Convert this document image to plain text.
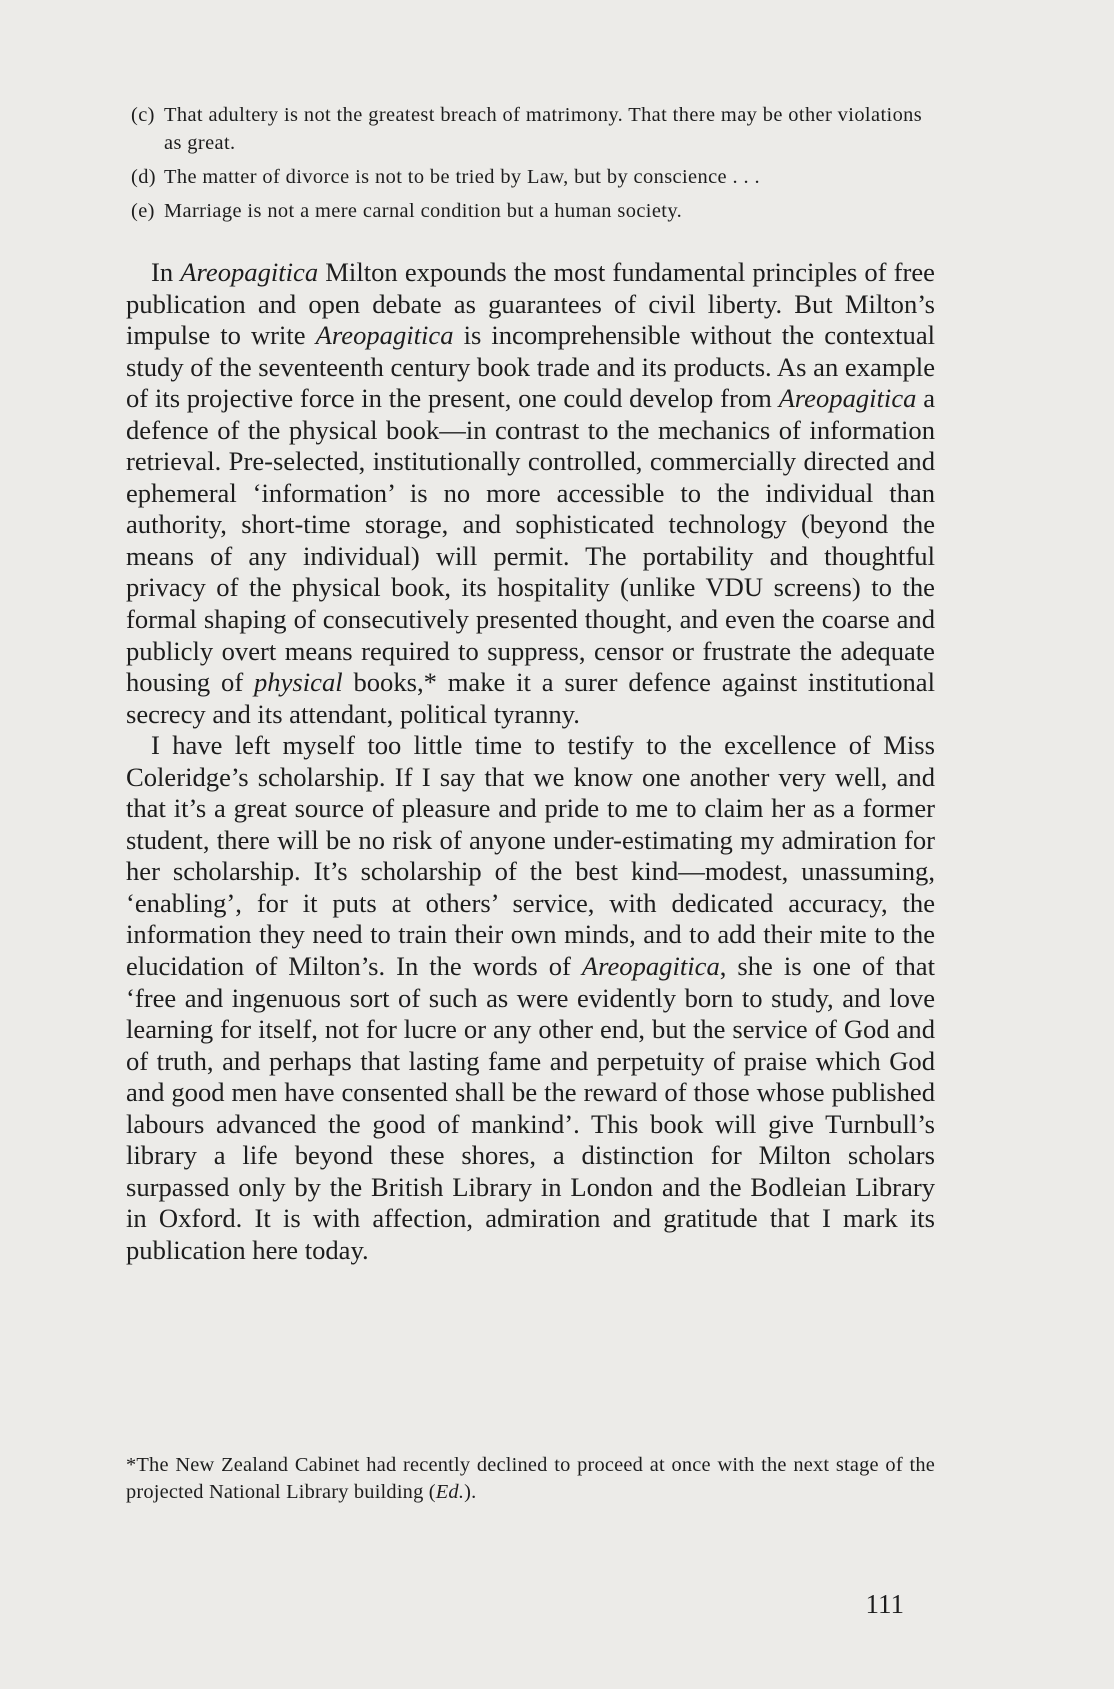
(c) That adultery is not the greatest breach of matrimony. That there may be other violations as great.
(d) The matter of divorce is not to be tried by Law, but by conscience . . .
(e) Marriage is not a mere carnal condition but a human society.

In Areopagitica Milton expounds the most fundamental principles of free publication and open debate as guarantees of civil liberty. But Milton’s impulse to write Areopagitica is incomprehensible without the contextual study of the seventeenth century book trade and its products. As an example of its projective force in the present, one could develop from Areopagitica a defence of the physical book—in contrast to the mechanics of information retrieval. Pre-selected, institutionally controlled, commercially directed and ephemeral ‘information’ is no more accessible to the individual than authority, short-time storage, and sophisticated technology (beyond the means of any individual) will permit. The portability and thoughtful privacy of the physical book, its hospitality (unlike VDU screens) to the formal shaping of consecutively presented thought, and even the coarse and publicly overt means required to suppress, censor or frustrate the adequate housing of physical books,* make it a surer defence against institutional secrecy and its attendant, political tyranny.

I have left myself too little time to testify to the excellence of Miss Coleridge’s scholarship. If I say that we know one another very well, and that it’s a great source of pleasure and pride to me to claim her as a former student, there will be no risk of anyone under-estimating my admiration for her scholarship. It’s scholarship of the best kind—modest, unassuming, ‘enabling’, for it puts at others’ service, with dedicated accuracy, the information they need to train their own minds, and to add their mite to the elucidation of Milton’s. In the words of Areopagitica, she is one of that ‘free and ingenuous sort of such as were evidently born to study, and love learning for itself, not for lucre or any other end, but the service of God and of truth, and perhaps that lasting fame and perpetuity of praise which God and good men have consented shall be the reward of those whose published labours advanced the good of mankind’. This book will give Turnbull’s library a life beyond these shores, a distinction for Milton scholars surpassed only by the British Library in London and the Bodleian Library in Oxford. It is with affection, admiration and gratitude that I mark its publication here today.

*The New Zealand Cabinet had recently declined to proceed at once with the next stage of the projected National Library building (Ed.).
111
